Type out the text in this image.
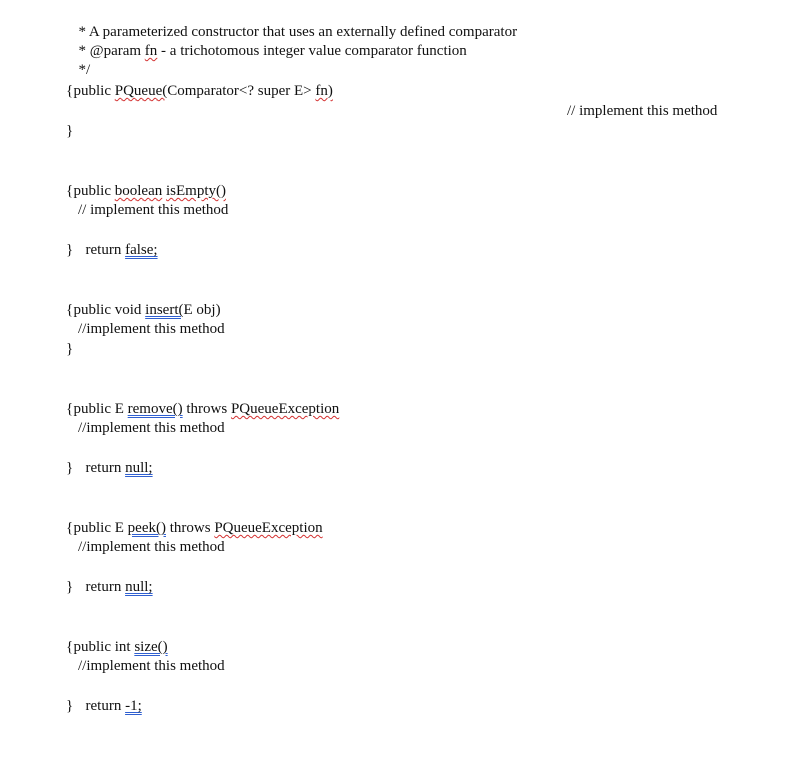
* A parameterized constructor that uses an externally defined comparator

* @param fn - a trichotomous integer value comparator function

*/

public PQueue(Comparator<? super E> fn)

{
// implement this method
}

public boolean isEmpty()

{
// implement this method

return false;

}

public void insert(E obj)

{
//implement this method
}

public E remove() throws PQueueException

{
//implement this method

return null;

}

public E peek() throws PQueueException

{
//implement this method

return null;

}

public int size()

{
//implement this method

return -1;

}
